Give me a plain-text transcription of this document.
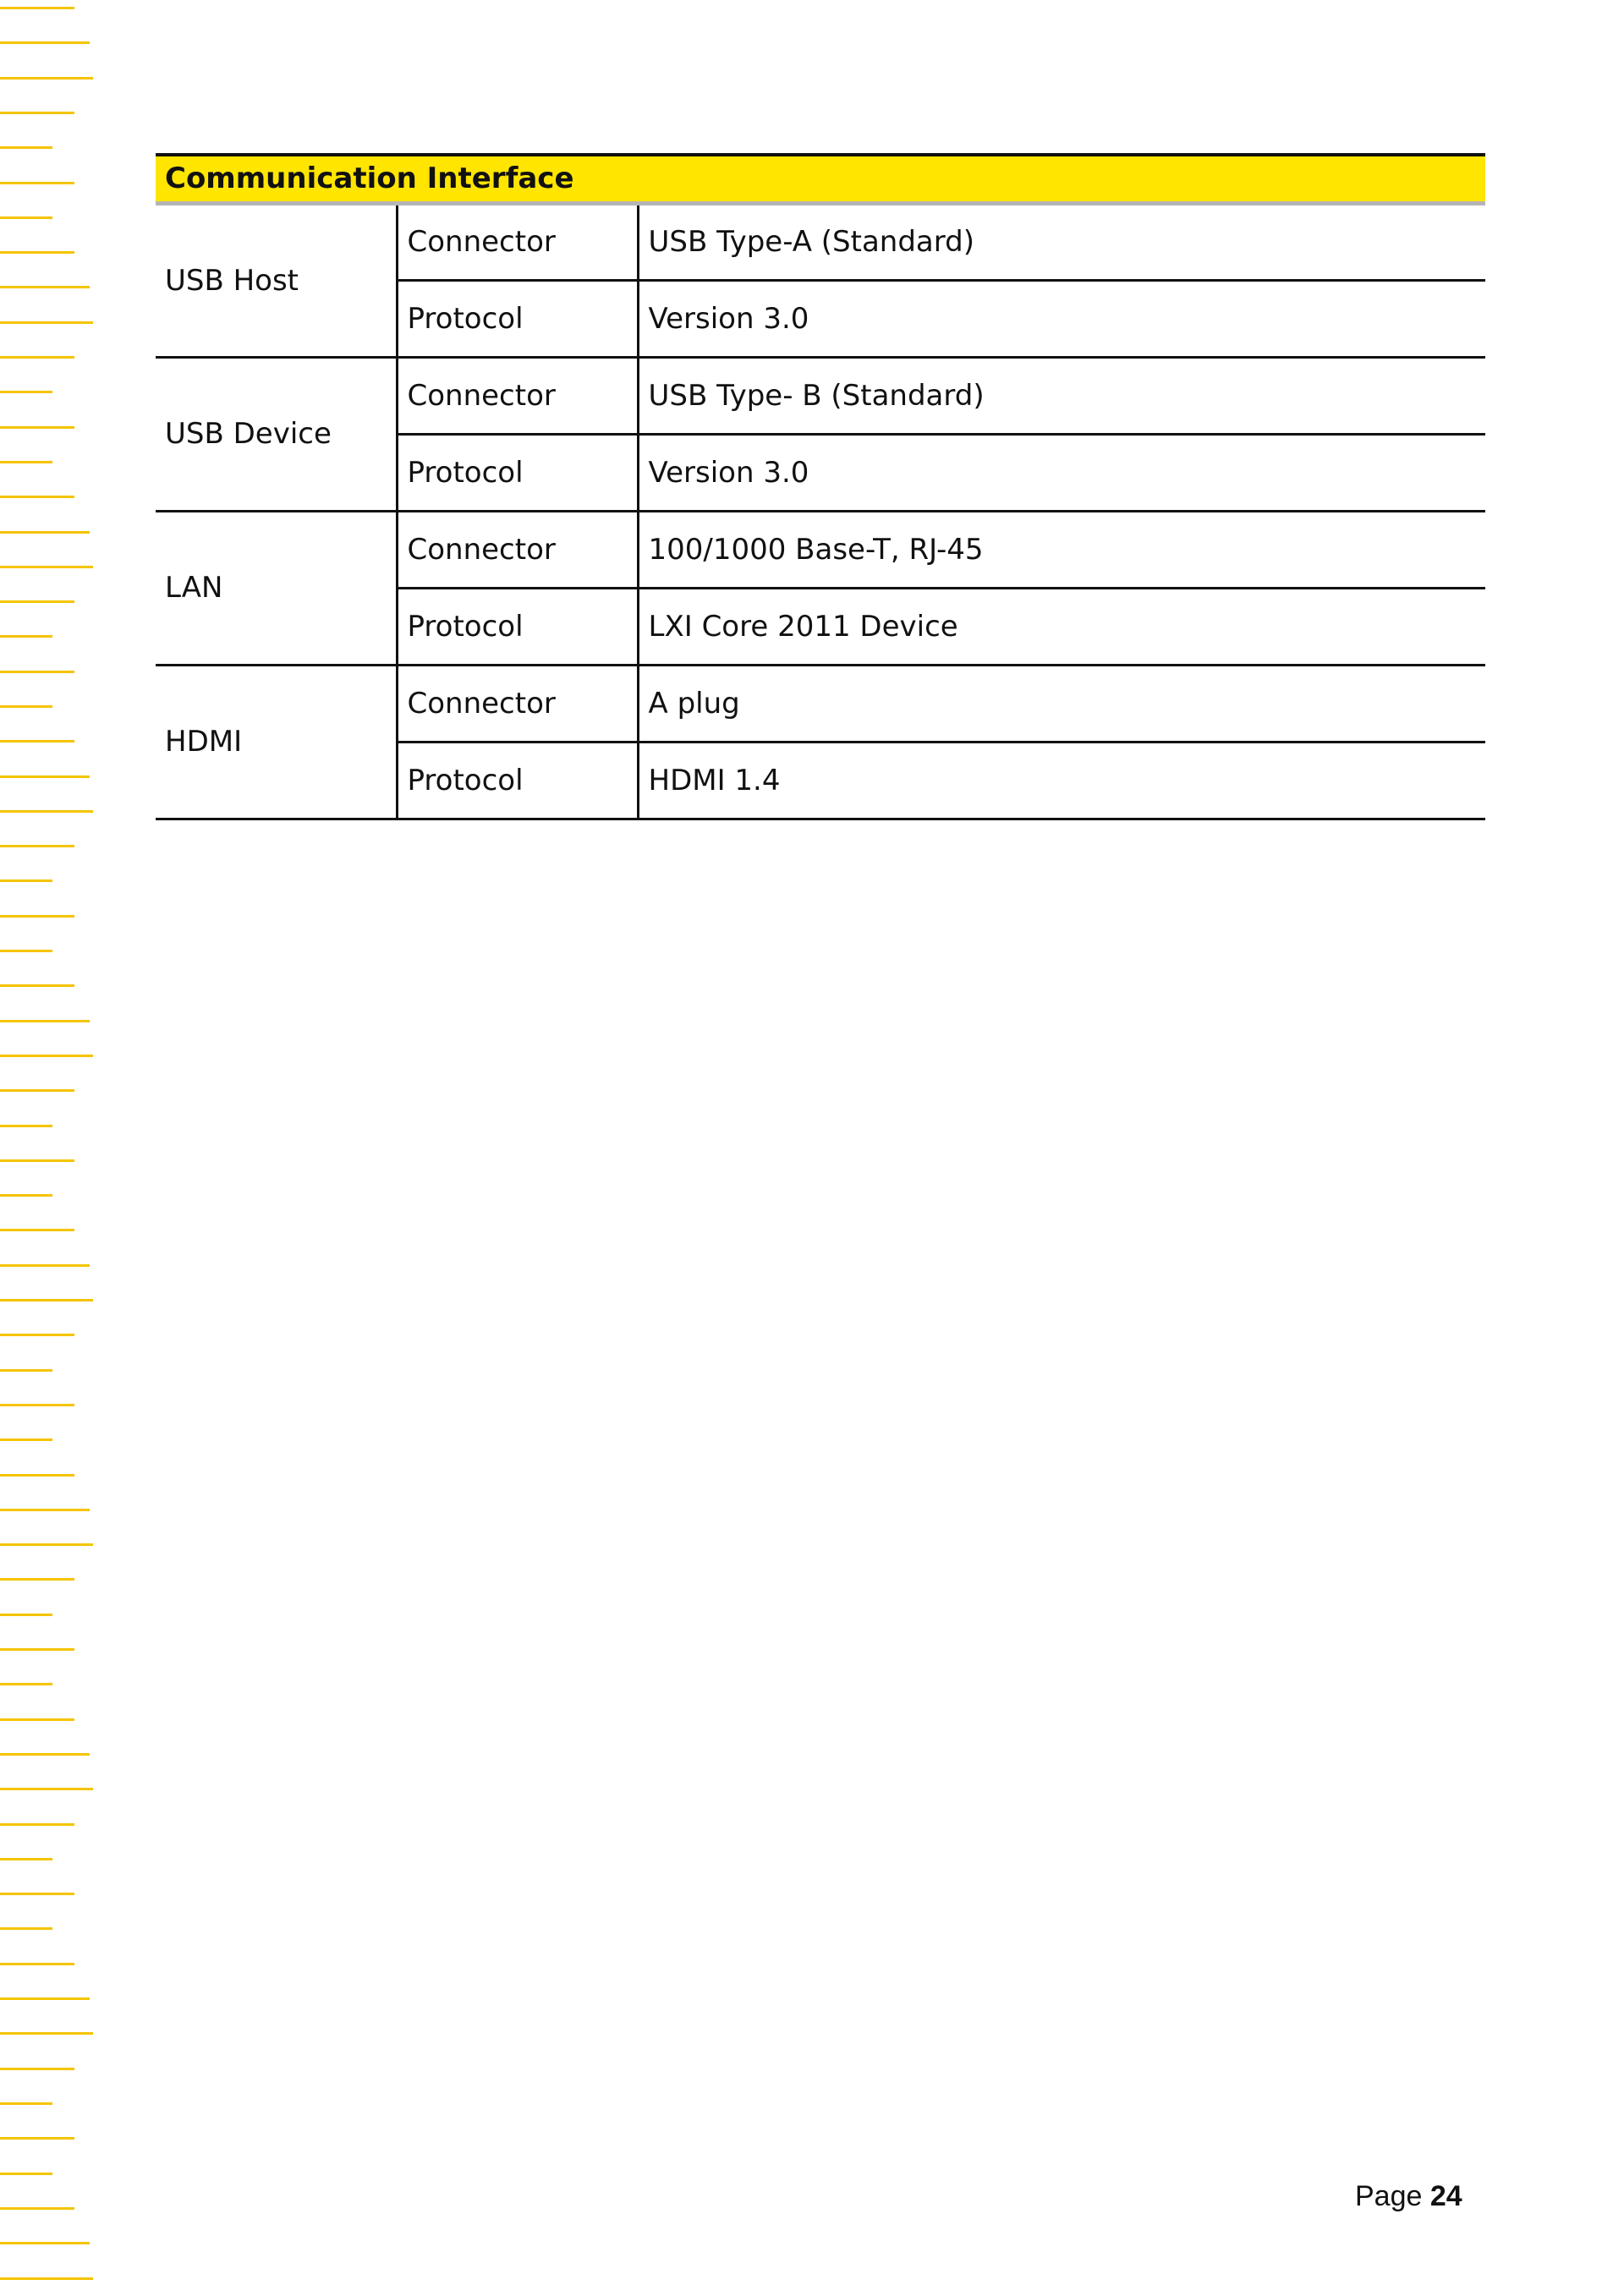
Communication Interface		
USB Host	Connector	USB Type-A (Standard)
	Protocol	Version 3.0
USB Device	Connector	USB Type- B (Standard)
	Protocol	Version 3.0
LAN	Connector	100/1000 Base-T, RJ-45
	Protocol	LXI Core 2011 Device
HDMI	Connector	A plug
	Protocol	HDMI 1.4
Page 24
